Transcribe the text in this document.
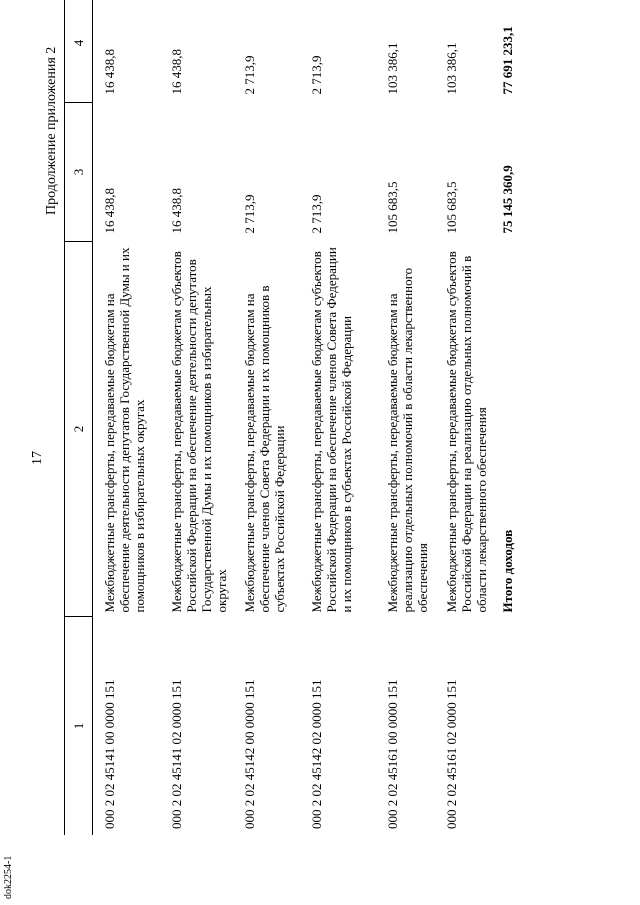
17
dok2254-1
Продолжение приложения 2
1	2	3	4
000 2 02 45141 00 0000 151	Межбюджетные трансферты, передаваемые бюджетам на обеспечение деятельности депутатов Государственной Думы и их помощников в избирательных округах	16 438,8	16 438,8
000 2 02 45141 02 0000 151	Межбюджетные трансферты, передаваемые бюджетам субъектов Российской Федерации на обеспечение деятельности депутатов Государственной Думы и их помощников в избирательных округах	16 438,8	16 438,8
000 2 02 45142 00 0000 151	Межбюджетные трансферты, передаваемые бюджетам на обеспечение членов Совета Федерации и их помощников в субъектах Российской Федерации	2 713,9	2 713,9
000 2 02 45142 02 0000 151	Межбюджетные трансферты, передаваемые бюджетам субъектов Российской Федерации на обеспечение членов Совета Федерации и их помощников в субъектах Российской Федерации	2 713,9	2 713,9
000 2 02 45161 00 0000 151	Межбюджетные трансферты, передаваемые бюджетам на реализацию отдельных полномочий в области лекарственного обеспечения	105 683,5	103 386,1
000 2 02 45161 02 0000 151	Межбюджетные трансферты, передаваемые бюджетам субъектов Российской Федерации на реализацию отдельных полномочий в области лекарственного обеспечения	105 683,5	103 386,1
	Итого доходов	75 145 360,9	77 691 233,1
